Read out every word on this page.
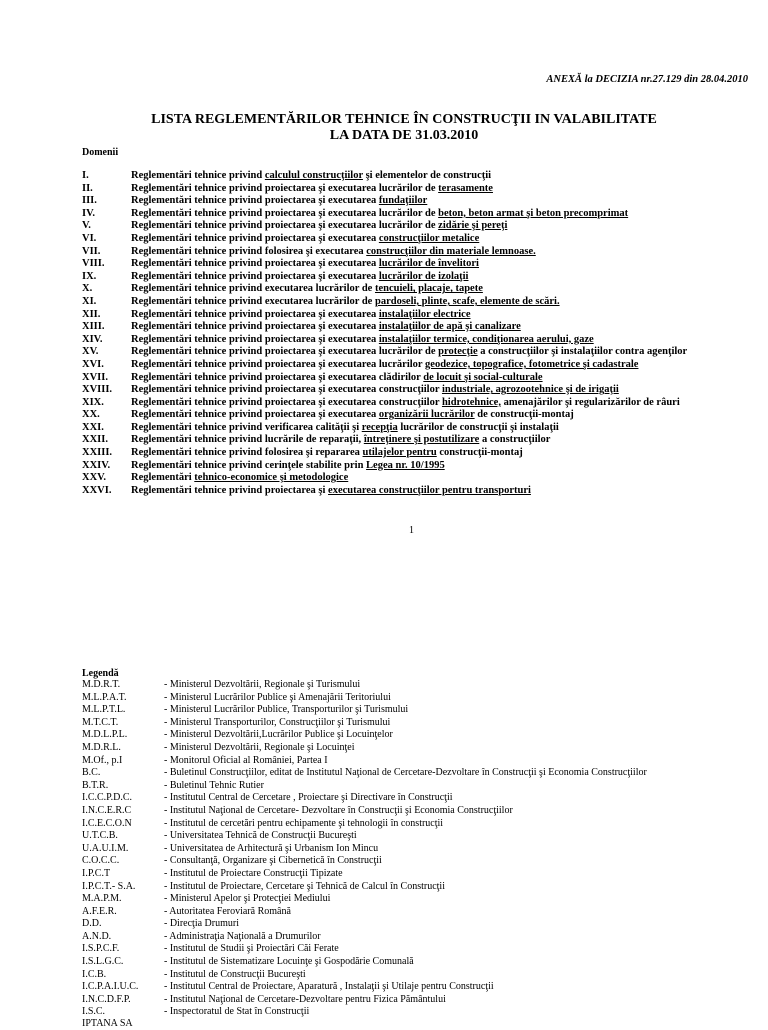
ANEXĂ la DECIZIA nr.27.129 din 28.04.2010
LISTA REGLEMENTĂRILOR TEHNICE ÎN CONSTRUCŢII IN VALABILITATE
LA DATA DE 31.03.2010
Domenii
I.	Reglementări tehnice privind calculul construcţiilor şi elementelor de construcţii
II.	Reglementări tehnice privind proiectarea şi executarea lucrărilor de terasamente
III.	Reglementări tehnice privind proiectarea şi executarea fundaţiilor
IV.	Reglementări tehnice privind proiectarea şi executarea lucrărilor de beton, beton armat şi beton precomprimat
V.	Reglementări tehnice privind proiectarea şi executarea lucrărilor de zidărie şi pereţi
VI.	Reglementări tehnice privind proiectarea şi executarea construcţiilor metalice
VII.	Reglementări tehnice privind folosirea şi executarea construcţiilor din materiale lemnoase.
VIII.	Reglementări tehnice privind proiectarea şi executarea lucrărilor de învelitori
IX.	Reglementări tehnice privind proiectarea şi executarea lucrărilor de izolaţii
X.	Reglementări tehnice privind executarea lucrărilor de tencuieli, placaje, tapete
XI.	Reglementări tehnice privind executarea lucrărilor de pardoseli, plinte, scafe, elemente de scări.
XII.	Reglementări tehnice privind proiectarea şi executarea instalaţiilor electrice
XIII.	Reglementări tehnice privind proiectarea şi executarea instalaţiilor de apă şi canalizare
XIV.	Reglementări tehnice privind proiectarea şi executarea instalaţiilor termice, condiţionarea aerului, gaze
XV.	Reglementări tehnice privind proiectarea şi executarea lucrărilor de protecţie a construcţiilor şi instalaţiilor contra agenţilor
XVI.	Reglementări tehnice privind proiectarea şi executarea lucrărilor geodezice, topografice, fotometrice şi cadastrale
XVII.	Reglementări tehnice privind proiectarea şi executarea clădirilor de locuit şi social-culturale
XVIII.	Reglementări tehnice privind proiectarea şi executarea construcţiilor industriale, agrozootehnice şi de irigaţii
XIX.	Reglementări tehnice privind proiectarea şi executarea construcţiilor hidrotehnice, amenajărilor şi regularizărilor de râuri
XX.	Reglementări tehnice privind proiectarea şi executarea organizării lucrărilor de construcţii-montaj
XXI.	Reglementări tehnice privind verificarea calităţii şi recepţia lucrărilor de construcţii şi instalaţii
XXII.	Reglementări tehnice privind lucrările de reparaţii, întreţinere şi postutilizare a construcţiilor
XXIII.	Reglementări tehnice privind folosirea şi repararea utilajelor pentru construcţii-montaj
XXIV.	Reglementări tehnice privind cerinţele stabilite prin Legea nr. 10/1995
XXV.	Reglementări tehnico-economice şi metodologice
XXVI.	Reglementări tehnice privind proiectarea şi executarea construcţiilor pentru transporturi
1
Legendă
M.D.R.T.	- Ministerul Dezvoltării, Regionale şi Turismului
M.L.P.A.T.	- Ministerul Lucrărilor Publice şi Amenajării Teritoriului
M.L.P.T.L.	- Ministerul Lucrărilor Publice, Transporturilor şi Turismului
M.T.C.T.	- Ministerul Transporturilor, Construcţiilor şi Turismului
M.D.L.P.L.	- Ministerul Dezvoltării,Lucrărilor Publice şi Locuinţelor
M.D.R.L.	- Ministerul Dezvoltării, Regionale şi Locuinţei
M.Of., p.I	- Monitorul Oficial al României, Partea I
B.C.	- Buletinul Construcţiilor, editat de Institutul Naţional de Cercetare-Dezvoltare în Construcţii şi Economia Construcţiilor
B.T.R.	- Buletinul Tehnic Rutier
I.C.C.P.D.C.	- Institutul Central de Cercetare , Proiectare şi Directivare în Construcţii
I.N.C.E.R.C	- Institutul Naţional de Cercetare- Dezvoltare în Construcţii şi Economia Construcţiilor
I.C.E.C.O.N	- Institutul de cercetări pentru echipamente şi tehnologii în construcţii
U.T.C.B.	- Universitatea Tehnică de Construcţii Bucureşti
U.A.U.I.M.	- Universitatea de Arhitectură şi Urbanism Ion Mincu
C.O.C.C.	- Consultanţă, Organizare şi Cibernetică în Construcţii
I.P.C.T	- Institutul de Proiectare Construcţii Tipizate
I.P.C.T.- S.A.	- Institutul de Proiectare, Cercetare şi Tehnică de Calcul în Construcţii
M.A.P.M.	- Ministerul Apelor şi Protecţiei Mediului
A.F.E.R.	- Autoritatea Feroviară Română
D.D.	- Direcţia Drumuri
A.N.D.	- Administraţia Naţională a Drumurilor
I.S.P.C.F.	- Institutul de Studii şi Proiectări Căi Ferate
I.S.L.G.C.	- Institutul de Sistematizare Locuinţe şi Gospodărie Comunală
I.C.B.	- Institutul de Construcţii Bucureşti
I.C.P.A.I.U.C.	- Institutul Central de Proiectare, Aparatură , Instalaţii şi Utilaje pentru Construcţii
I.N.C.D.F.P.	- Institutul Naţional de Cercetare-Dezvoltare pentru Fizica Pământului
I.S.C.	- Inspectoratul de Stat în Construcţii
IPTANA SA
